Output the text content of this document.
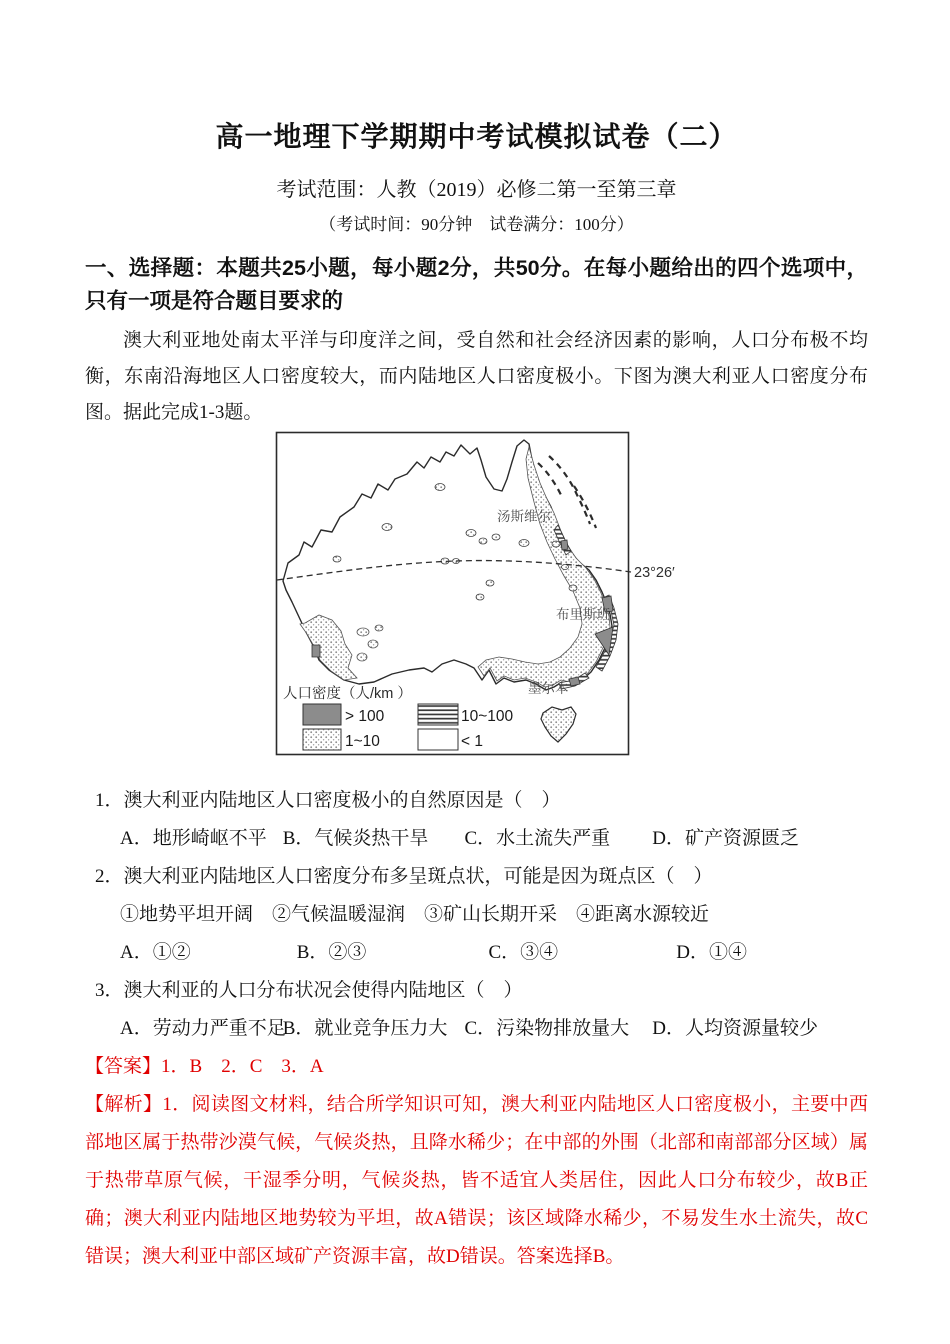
高一地理下学期期中考试模拟试卷（二）
考试范围：人教（2019）必修二第一至第三章
（考试时间：90分钟　试卷满分：100分）
一、选择题：本题共25小题，每小题2分，共50分。在每小题给出的四个选项中，只有一项是符合题目要求的

澳大利亚地处南太平洋与印度洋之间，受自然和社会经济因素的影响，人口分布极不均衡，东南沿海地区人口密度较大，而内陆地区人口密度极小。下图为澳大利亚人口密度分布图。据此完成1-3题。

23°26′
汤斯维尔
布里斯班
墨尔本
人口密度（人/km ）
> 100	10~100
1~10	< 1
1．澳大利亚内陆地区人口密度极小的自然原因是（　）
A．地形崎岖不平 B．气候炎热干旱 C．水土流失严重 D．矿产资源匮乏
2．澳大利亚内陆地区人口密度分布多呈斑点状，可能是因为斑点区（　）
①地势平坦开阔　②气候温暖湿润　③矿山长期开采　④距离水源较近
A．①②	B．②③	C．③④	D．①④
3．澳大利亚的人口分布状况会使得内陆地区（　）
A．劳动力严重不足 B．就业竞争压力大 C．污染物排放量大 D．人均资源量较少
【答案】1．B　2．C　3．A

【解析】1．阅读图文材料，结合所学知识可知，澳大利亚内陆地区人口密度极小，主要中西部地区属于热带沙漠气候，气候炎热，且降水稀少；在中部的外围（北部和南部部分区域）属于热带草原气候，干湿季分明，气候炎热，皆不适宜人类居住，因此人口分布较少，故B正确；澳大利亚内陆地区地势较为平坦，故A错误；该区域降水稀少，不易发生水土流失，故C错误；澳大利亚中部区域矿产资源丰富，故D错误。答案选择B。
